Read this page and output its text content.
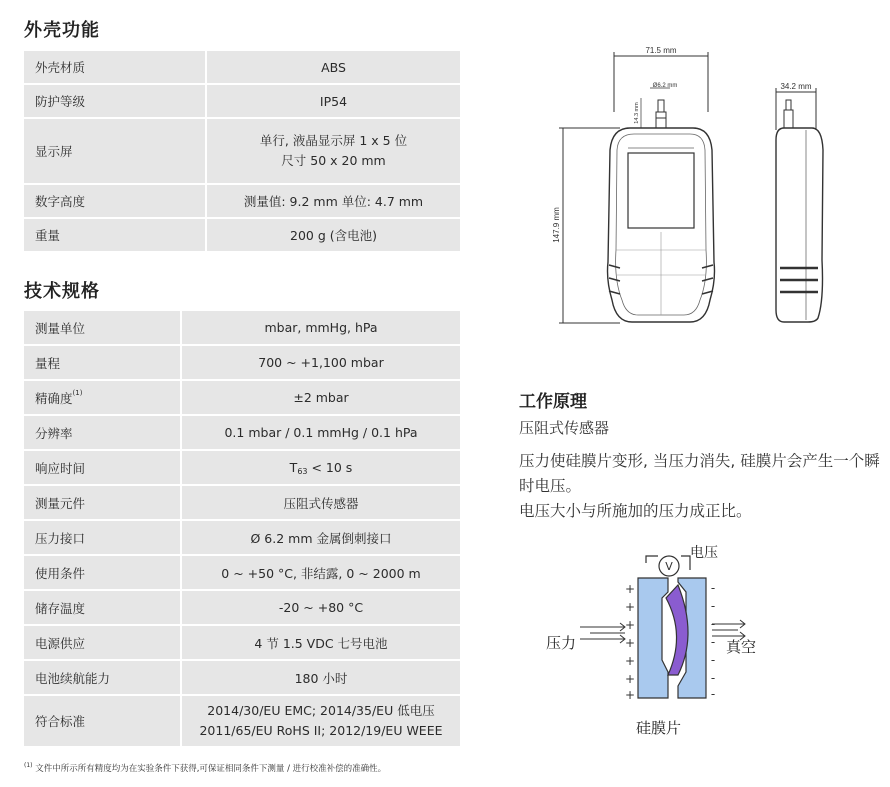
外壳功能
外壳材质	ABS
防护等级	IP54
显示屏	单行, 液晶显示屏 1 x 5 位
尺寸 50 x 20 mm

数字高度	测量值: 9.2 mm 单位: 4.7 mm
重量	200 g (含电池)
技术规格
测量单位	mbar, mmHg, hPa
量程	700 ~ +1,100 mbar
精确度$^{(1)}$	±2 mbar
分辨率	0.1 mbar / 0.1 mmHg / 0.1 hPa
响应时间	$T_{63} < 10$ s
测量元件	压阻式传感器
压力接口	Ø 6.2 mm 金属倒刺接口
使用条件	0 ~ +50 °C, 非结露, 0 ~ 2000 m
储存温度	-20 ~ +80 °C
电源供应	4 节 1.5 VDC 七号电池
电池续航能力	180 小时
符合标准	2014/30/EU EMC; 2014/35/EU 低电压
2011/65/EU RoHS II; 2012/19/EU WEEE
$^{(1)}$ 文件中所示所有精度均为在实验条件下获得,可保证相同条件下测量 / 进行校准补偿的准确性。
71.5 mm
34.2 mm
Ø6.2 mm
147.9 mm
14.3 mm
工作原理
压阻式传感器

压力使硅膜片变形, 当压力消失, 硅膜片会产生一个瞬时电压。

电压大小与所施加的压力成正比。

V
电压
+
+
+
+
+
+
+
-
-
-
-
-
-
-
压力	真空
硅膜片
